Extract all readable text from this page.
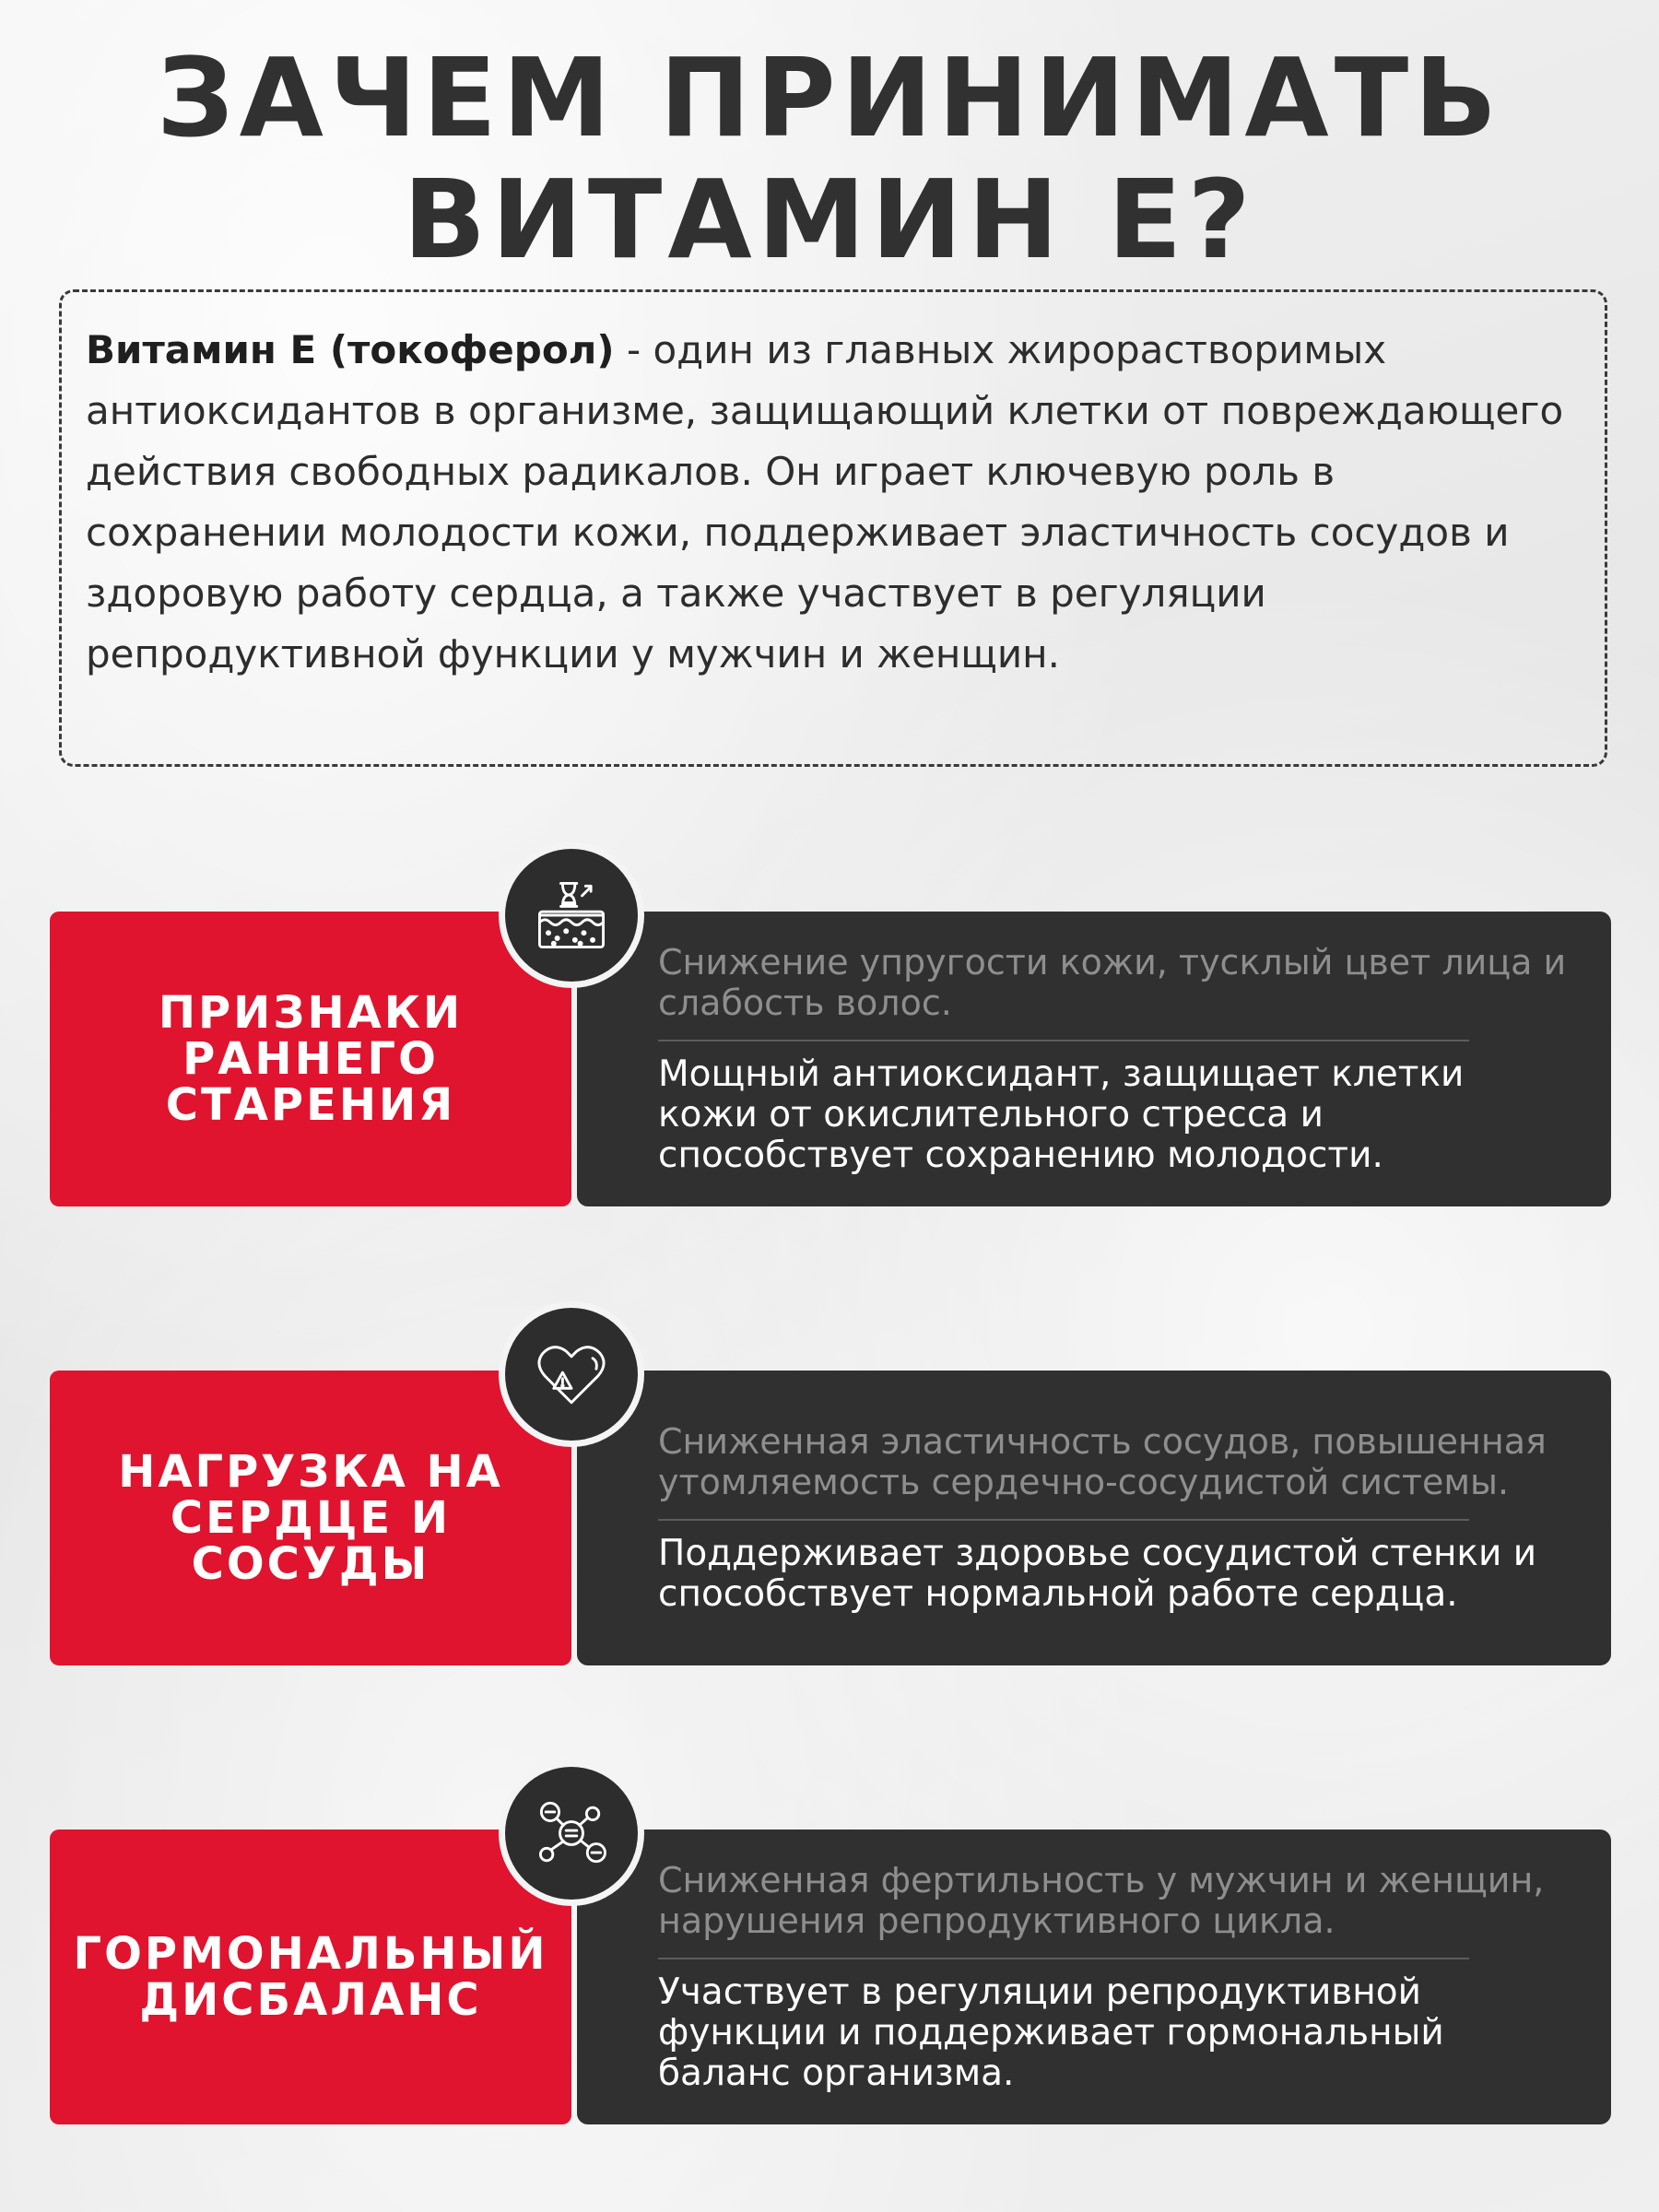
ЗАЧЕМ ПРИНИМАТЬ
ВИТАМИН Е?
Витамин Е (токоферол) - один из главных жирорастворимых антиоксидантов в организме, защищающий клетки от повреждающего действия свободных радикалов. Он играет ключевую роль в сохранении молодости кожи, поддерживает эластичность сосудов и здоровую работу сердца, а также участвует в регуляции репродуктивной функции у мужчин и женщин.
ПРИЗНАКИ РАННЕГО СТАРЕНИЯ
Снижение упругости кожи, тусклый цвет лица и слабость волос.
Мощный антиоксидант, защищает клетки кожи от окислительного стресса и способствует сохранению молодости.
НАГРУЗКА НА СЕРДЦЕ И СОСУДЫ
Сниженная эластичность сосудов, повышенная утомляемость сердечно-сосудистой системы.
Поддерживает здоровье сосудистой стенки и способствует нормальной работе сердца.
ГОРМОНАЛЬНЫЙ ДИСБАЛАНС
Сниженная фертильность у мужчин и женщин, нарушения репродуктивного цикла.
Участвует в регуляции репродуктивной функции и поддерживает гормональный баланс организма.
